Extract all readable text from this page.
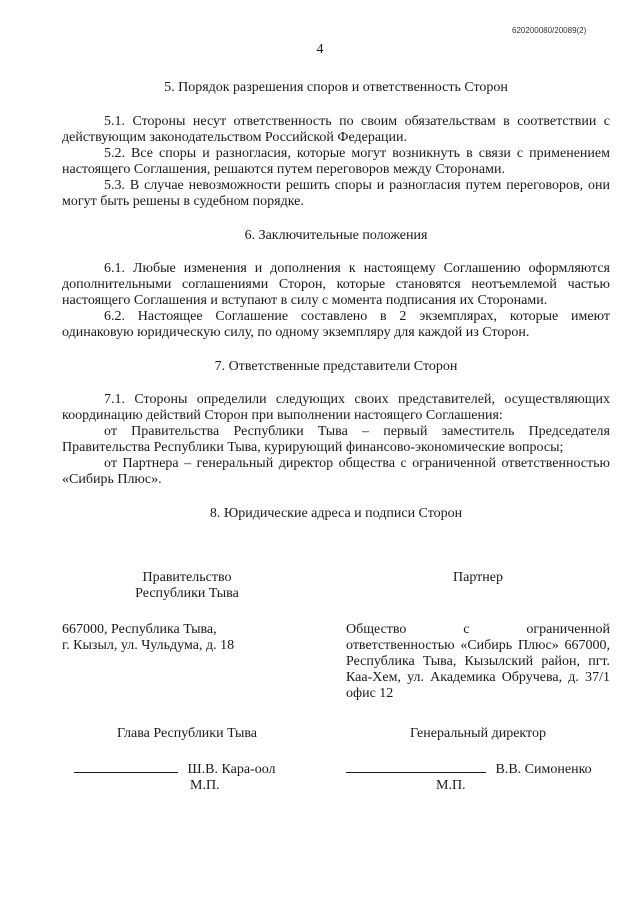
620200080/20089(2)
4

5. Порядок разрешения споров и ответственность Сторон

5.1. Стороны несут ответственность по своим обязательствам в соответствии с действующим законодательством Российской Федерации.

5.2. Все споры и разногласия, которые могут возникнуть в связи с применением настоящего Соглашения, решаются путем переговоров между Сторонами.

5.3. В случае невозможности решить споры и разногласия путем переговоров, они могут быть решены в судебном порядке.

6. Заключительные положения

6.1. Любые изменения и дополнения к настоящему Соглашению оформляются дополнительными соглашениями Сторон, которые становятся неотъемлемой частью настоящего Соглашения и вступают в силу с момента подписания их Сторонами.

6.2. Настоящее Соглашение составлено в 2 экземплярах, которые имеют одинаковую юридическую силу, по одному экземпляру для каждой из Сторон.

7. Ответственные представители Сторон

7.1. Стороны определили следующих своих представителей, осуществляющих координацию действий Сторон при выполнении настоящего Соглашения:

от Правительства Республики Тыва – первый заместитель Председателя Правительства Республики Тыва, курирующий финансово-экономические вопросы;

от Партнера – генеральный директор общества с ограниченной ответственностью «Сибирь Плюс».

8. Юридические адреса и подписи Сторон

Правительство
Республики Тыва
667000, Республика Тыва,
г. Кызыл, ул. Чульдума, д. 18
Глава Республики Тыва
Ш.В. Кара-оол
М.П.
Партнер
Общество с ограниченной ответственностью «Сибирь Плюс» 667000, Республика Тыва, Кызылский район, пгт. Каа-Хем, ул. Академика Обручева, д. 37/1 офис 12
Генеральный директор
В.В. Симоненко
М.П.
